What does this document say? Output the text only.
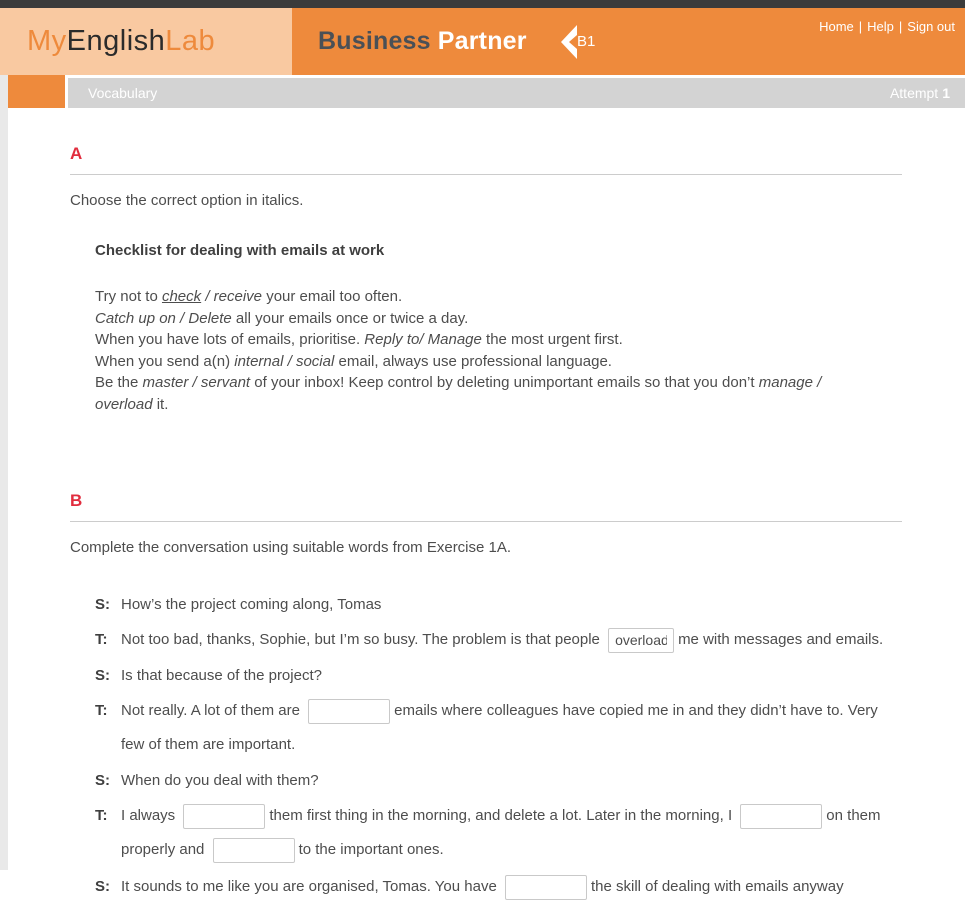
MyEnglishLab	Business Partner	B1
Home | Help | Sign out
Vocabulary	Attempt 1
A
Choose the correct option in italics.
Checklist for dealing with emails at work
Try not to check / receive your email too often.
Catch up on / Delete all your emails once or twice a day.
When you have lots of emails, prioritise. Reply to/ Manage the most urgent first.
When you send a(n) internal / social email, always use professional language.
Be the master / servant of your inbox! Keep control by deleting unimportant emails so that you don’t manage / overload it.
B
Complete the conversation using suitable words from Exercise 1A.
S: How’s the project coming along, Tomas
T: Not too bad, thanks, Sophie, but I’m so busy. The problem is that people overload	me with messages and emails.
S: Is that because of the project?
T: Not really. A lot of them are	emails where colleagues have copied me in and they didn’t have to. Very few of them are important.
S: When do you deal with them?
T: I always	them first thing in the morning, and delete a lot. Later in the morning, I	on them properly and	to the important ones.
S: It sounds to me like you are organised, Tomas. You have	the skill of dealing with emails anyway
